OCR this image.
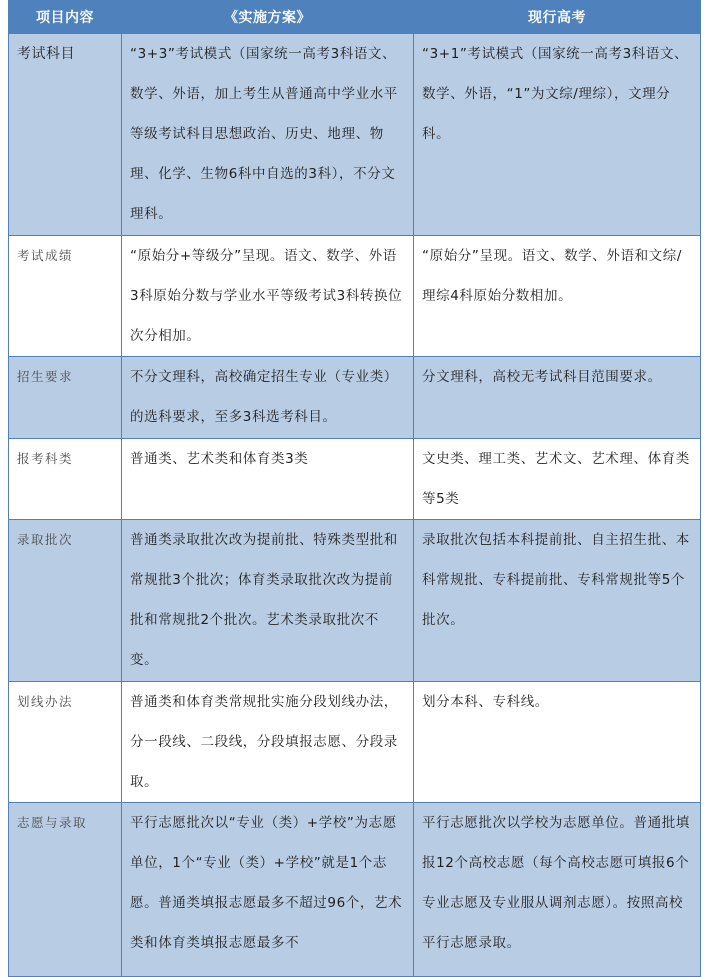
项目内容	《实施方案》	现行高考

考试科目	“3+3”考试模式（国家统一高考3科语文、数学、外语，加上考生从普通高中学业水平等级考试科目思想政治、历史、地理、物理、化学、生物6科中自选的3科），不分文理科。	“3+1”考试模式（国家统一高考3科语文、数学、外语，“1”为文综/理综），文理分科。

考试成绩	“原始分+等级分”呈现。语文、数学、外语3科原始分数与学业水平等级考试3科转换位次分相加。	“原始分”呈现。语文、数学、外语和文综/理综4科原始分数相加。

招生要求	不分文理科，高校确定招生专业（专业类）的选科要求，至多3科选考科目。	分文理科，高校无考试科目范围要求。

报考科类	普通类、艺术类和体育类3类	文史类、理工类、艺术文、艺术理、体育类等5类

录取批次	普通类录取批次改为提前批、特殊类型批和常规批3个批次；体育类录取批次改为提前批和常规批2个批次。艺术类录取批次不变。	录取批次包括本科提前批、自主招生批、本科常规批、专科提前批、专科常规批等5个批次。

划线办法	普通类和体育类常规批实施分段划线办法，分一段线、二段线，分段填报志愿、分段录取。	划分本科、专科线。

志愿与录取	平行志愿批次以“专业（类）+学校”为志愿单位，1个“专业（类）+学校”就是1个志愿。普通类填报志愿最多不超过96个，艺术类和体育类填报志愿最多不	平行志愿批次以学校为志愿单位。普通批填报12个高校志愿（每个高校志愿可填报6个专业志愿及专业服从调剂志愿）。按照高校平行志愿录取。
